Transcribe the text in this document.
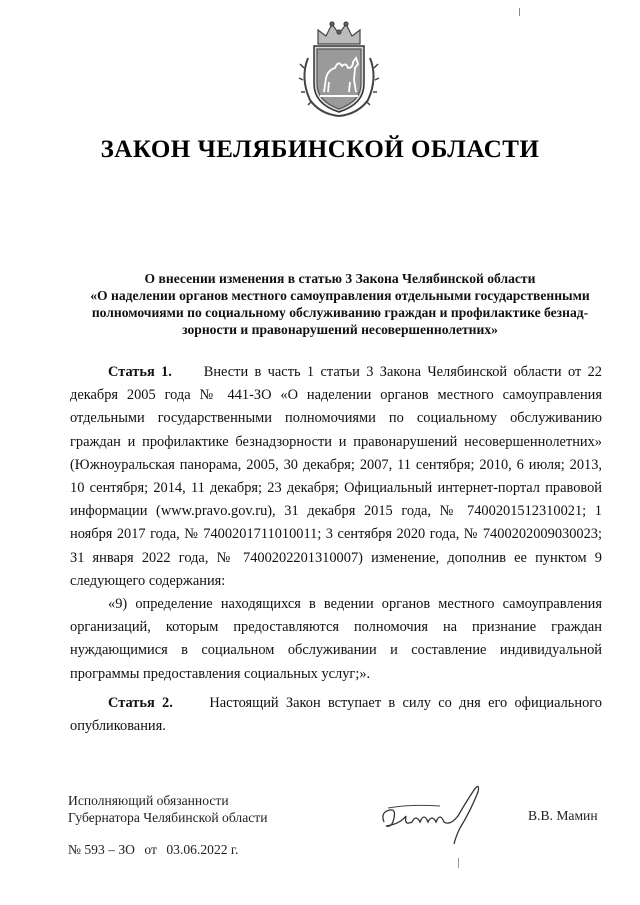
ЗАКОН ЧЕЛЯБИНСКОЙ ОБЛАСТИ
О внесении изменения в статью 3 Закона Челябинской области
«О наделении органов местного самоуправления отдельными государственными
полномочиями по социальному обслуживанию граждан и профилактике безнад-
зорности и правонарушений несовершеннолетних»

Статья 1. Внести в часть 1 статьи 3 Закона Челябинской области от 22 декабря 2005 года № 441-ЗО «О наделении органов местного самоуправления отдельными государственными полномочиями по социальному обслуживанию граждан и профилактике безнадзорности и правонарушений несовершеннолетних» (Южноуральская панорама, 2005, 30 декабря; 2007, 11 сентября; 2010, 6 июля; 2013, 10 сентября; 2014, 11 декабря; 23 декабря; Официальный интернет-портал правовой информации (www.pravo.gov.ru), 31 декабря 2015 года, № 7400201512310021; 1 ноября 2017 года, № 7400201711010011; 3 сентября 2020 года, № 7400202009030023; 31 января 2022 года, № 7400202201310007) изменение, дополнив ее пунктом 9 следующего содержания:

«9) определение находящихся в ведении органов местного самоуправления организаций, которым предоставляются полномочия на признание граждан нуждающимися в социальном обслуживании и составление индивидуальной программы предоставления социальных услуг;».

Статья 2.	Настоящий Закон вступает в силу со дня его официального опубликования.

Исполняющий обязанности
Губернатора Челябинской области	В.В. Мамин
№ 593 – ЗО от 03.06.2022 г.
